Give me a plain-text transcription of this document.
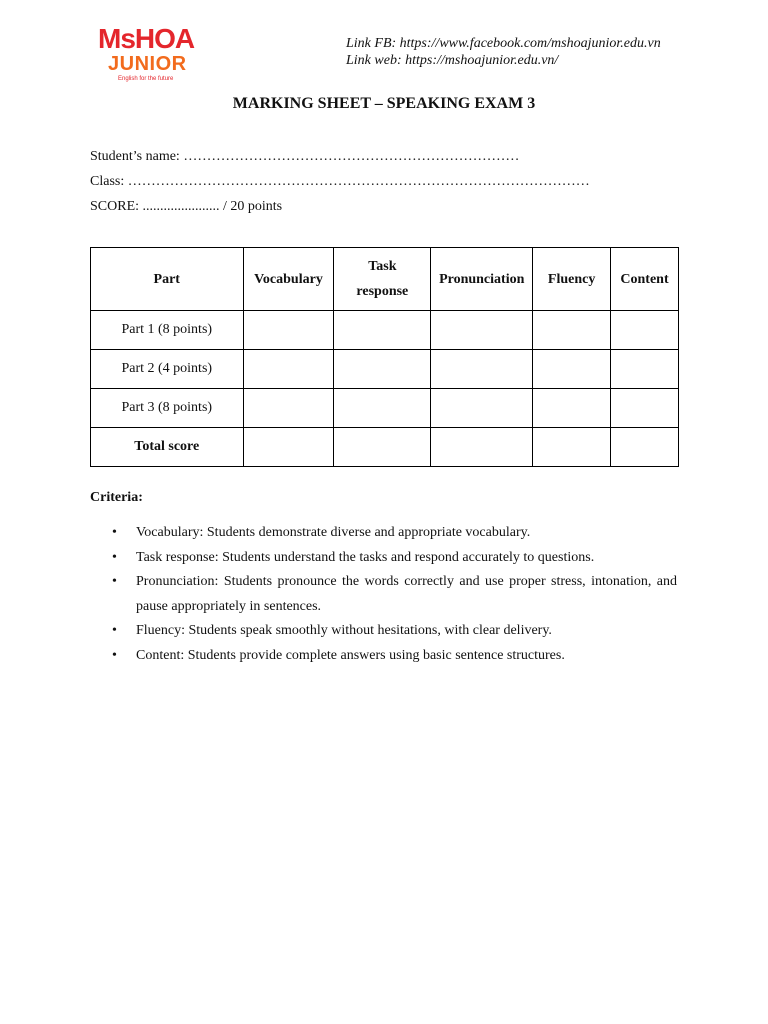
MsHOA
JUNIOR
English for the future
Link FB: https://www.facebook.com/mshoajunior.edu.vn
Link web: https://mshoajunior.edu.vn/
MARKING SHEET – SPEAKING EXAM 3
Student’s name: ………………………………………………………………
Class: ………………………………………………………………………………………
SCORE: ...................... / 20 points
Part	Vocabulary	Task response	Pronunciation	Fluency	Content
Part 1 (8 points)					
Part 2 (4 points)					
Part 3 (8 points)					
Total score					
Criteria:
• Vocabulary: Students demonstrate diverse and appropriate vocabulary.
• Task response: Students understand the tasks and respond accurately to questions.
• Pronunciation: Students pronounce the words correctly and use proper stress, intonation, and pause appropriately in sentences.
• Fluency: Students speak smoothly without hesitations, with clear delivery.
• Content: Students provide complete answers using basic sentence structures.
